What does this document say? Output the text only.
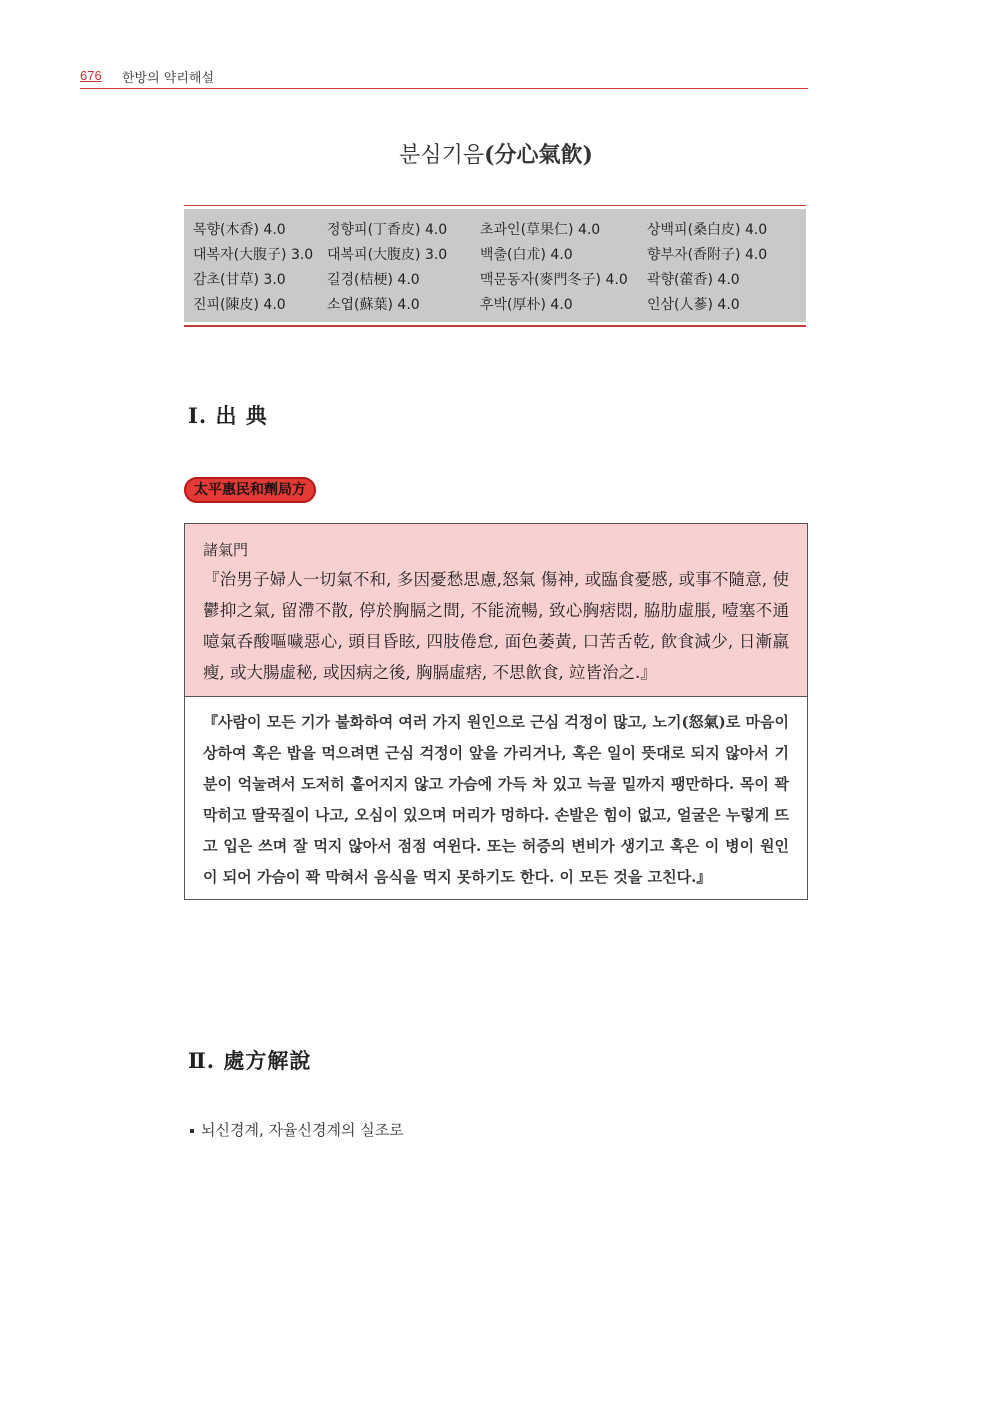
676 한방의 약리해설
분심기음(分心氣飮)
목향(木香) 4.0	정향피(丁香皮) 4.0	초과인(草果仁) 4.0	상백피(桑白皮) 4.0
대복자(大腹子) 3.0 대복피(大腹皮) 3.0	백출(白朮) 4.0	향부자(香附子) 4.0
감초(甘草) 3.0	길경(桔梗) 4.0	맥문동자(麥門冬子) 4.0	곽향(藿香) 4.0
진피(陳皮) 4.0	소엽(蘇葉) 4.0	후박(厚朴) 4.0	인삼(人蔘) 4.0
Ⅰ. 出 典
太平惠民和劑局方
諸氣門
『治男子婦人一切氣不和, 多因憂愁思慮,怒氣 傷神, 或臨食憂慼, 或事不隨意, 使鬱抑之氣, 留滯不散, 停於胸膈之間, 不能流暢, 致心胸痞悶, 脇肋虛脹, 噎塞不通噫氣呑酸嘔噦惡心, 頭目昏眩, 四肢倦怠, 面色萎黃, 口苦舌乾, 飮食減少, 日漸羸瘦, 或大腸虛秘, 或因病之後, 胸膈虛痞, 不思飮食, 竝皆治之.』
『사람이 모든 기가 불화하여 여러 가지 원인으로 근심 걱정이 많고, 노기(怒氣)로 마음이 상하여 혹은 밥을 먹으려면 근심 걱정이 앞을 가리거나, 혹은 일이 뜻대로 되지 않아서 기분이 억눌려서 도저히 흩어지지 않고 가슴에 가득 차 있고 늑골 밑까지 팽만하다. 목이 꽉 막히고 딸꾹질이 나고, 오심이 있으며 머리가 멍하다. 손발은 힘이 없고, 얼굴은 누렇게 뜨고 입은 쓰며 잘 먹지 않아서 점점 여윈다. 또는 허증의 변비가 생기고 혹은 이 병이 원인이 되어 가슴이 꽉 막혀서 음식을 먹지 못하기도 한다. 이 모든 것을 고친다.』
Ⅱ. 處方解說
뇌신경계, 자율신경계의 실조로
